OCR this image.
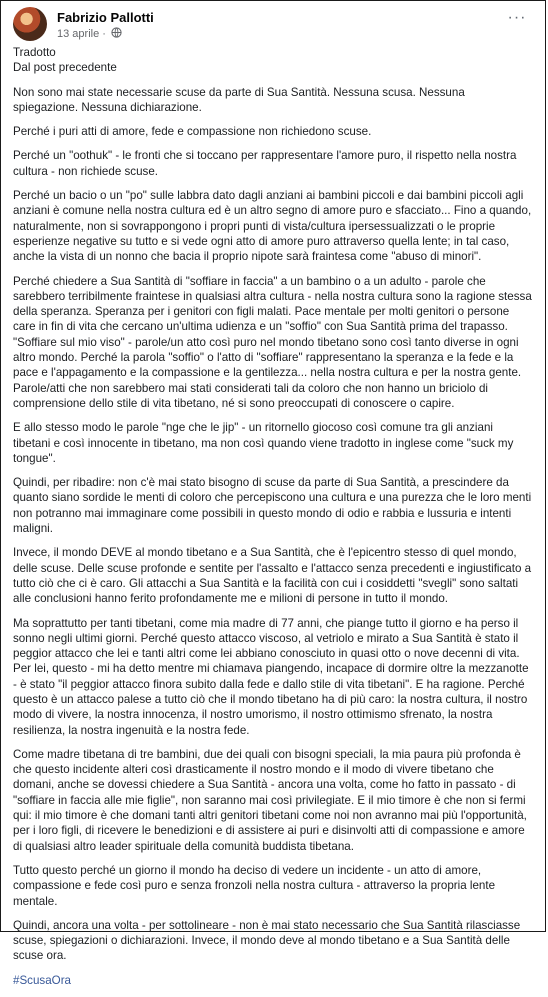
Fabrizio Pallotti
13 aprile ·
···

Tradotto
Dal post precedente

Non sono mai state necessarie scuse da parte di Sua Santità. Nessuna scusa. Nessuna spiegazione. Nessuna dichiarazione.

Perché i puri atti di amore, fede e compassione non richiedono scuse.

Perché un "oothuk" - le fronti che si toccano per rappresentare l'amore puro, il rispetto nella nostra cultura - non richiede scuse.

Perché un bacio o un "po" sulle labbra dato dagli anziani ai bambini piccoli e dai bambini piccoli agli anziani è comune nella nostra cultura ed è un altro segno di amore puro e sfacciato... Fino a quando, naturalmente, non si sovrappongono i propri punti di vista/cultura ipersessualizzati o le proprie esperienze negative su tutto e si vede ogni atto di amore puro attraverso quella lente; in tal caso, anche la vista di un nonno che bacia il proprio nipote sarà fraintesa come "abuso di minori".

Perché chiedere a Sua Santità di "soffiare in faccia" a un bambino o a un adulto - parole che sarebbero terribilmente fraintese in qualsiasi altra cultura - nella nostra cultura sono la ragione stessa della speranza. Speranza per i genitori con figli malati. Pace mentale per molti genitori o persone care in fin di vita che cercano un'ultima udienza e un "soffio" con Sua Santità prima del trapasso. "Soffiare sul mio viso" - parole/un atto così puro nel mondo tibetano sono così tanto diverse in ogni altro mondo. Perché la parola "soffio" o l'atto di "soffiare" rappresentano la speranza e la fede e la pace e l'appagamento e la compassione e la gentilezza... nella nostra cultura e per la nostra gente. Parole/atti che non sarebbero mai stati considerati tali da coloro che non hanno un briciolo di comprensione dello stile di vita tibetano, né si sono preoccupati di conoscere o capire.

E allo stesso modo le parole "nge che le jip" - un ritornello giocoso così comune tra gli anziani tibetani e così innocente in tibetano, ma non così quando viene tradotto in inglese come "suck my tongue".

Quindi, per ribadire: non c'è mai stato bisogno di scuse da parte di Sua Santità, a prescindere da quanto siano sordide le menti di coloro che percepiscono una cultura e una purezza che le loro menti non potranno mai immaginare come possibili in questo mondo di odio e rabbia e lussuria e intenti maligni.

Invece, il mondo DEVE al mondo tibetano e a Sua Santità, che è l'epicentro stesso di quel mondo, delle scuse. Delle scuse profonde e sentite per l'assalto e l'attacco senza precedenti e ingiustificato a tutto ciò che ci è caro. Gli attacchi a Sua Santità e la facilità con cui i cosiddetti "svegli" sono saltati alle conclusioni hanno ferito profondamente me e milioni di persone in tutto il mondo.

Ma soprattutto per tanti tibetani, come mia madre di 77 anni, che piange tutto il giorno e ha perso il sonno negli ultimi giorni. Perché questo attacco viscoso, al vetriolo e mirato a Sua Santità è stato il peggior attacco che lei e tanti altri come lei abbiano conosciuto in quasi otto o nove decenni di vita. Per lei, questo - mi ha detto mentre mi chiamava piangendo, incapace di dormire oltre la mezzanotte - è stato "il peggior attacco finora subito dalla fede e dallo stile di vita tibetani". E ha ragione. Perché questo è un attacco palese a tutto ciò che il mondo tibetano ha di più caro: la nostra cultura, il nostro modo di vivere, la nostra innocenza, il nostro umorismo, il nostro ottimismo sfrenato, la nostra resilienza, la nostra ingenuità e la nostra fede.

Come madre tibetana di tre bambini, due dei quali con bisogni speciali, la mia paura più profonda è che questo incidente alteri così drasticamente il nostro mondo e il modo di vivere tibetano che domani, anche se dovessi chiedere a Sua Santità - ancora una volta, come ho fatto in passato - di "soffiare in faccia alle mie figlie", non saranno mai così privilegiate. E il mio timore è che non si fermi qui: il mio timore è che domani tanti altri genitori tibetani come noi non avranno mai più l'opportunità, per i loro figli, di ricevere le benedizioni e di assistere ai puri e disinvolti atti di compassione e amore di qualsiasi altro leader spirituale della comunità buddista tibetana.

Tutto questo perché un giorno il mondo ha deciso di vedere un incidente - un atto di amore, compassione e fede così puro e senza fronzoli nella nostra cultura - attraverso la propria lente mentale.

Quindi, ancora una volta - per sottolineare - non è mai stato necessario che Sua Santità rilasciasse scuse, spiegazioni o dichiarazioni. Invece, il mondo deve al mondo tibetano e a Sua Santità delle scuse ora.

#ScusaOra
